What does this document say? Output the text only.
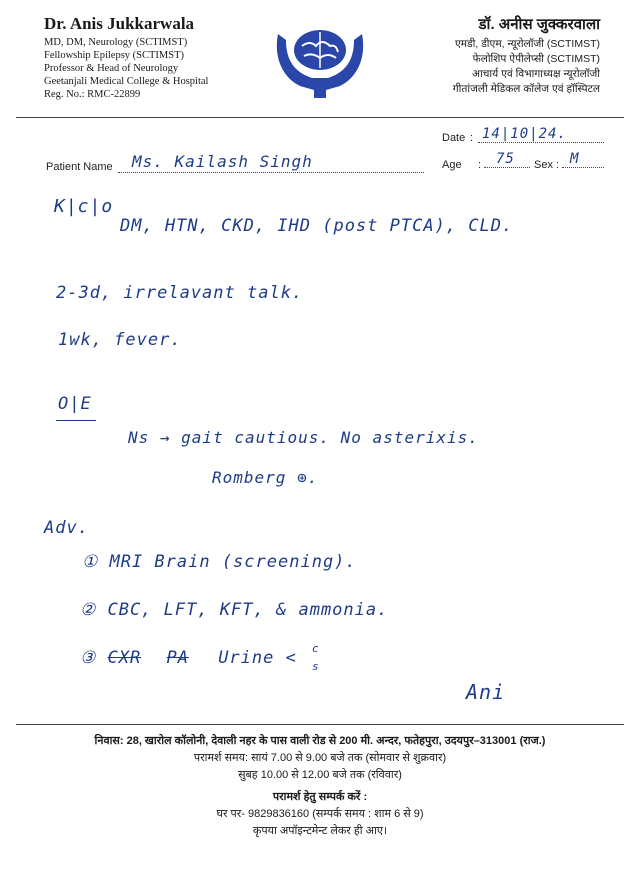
Dr. Anis Jukkarwala
MD, DM, Neurology (SCTIMST)
Fellowship Epilepsy (SCTIMST)
Professor & Head of Neurology
Geetanjali Medical College & Hospital
Reg. No.: RMC-22899
डॉ. अनीस जुक्करवाला
एमडी, डीएम, न्यूरोलॉजी (SCTIMST)
फेलोशिप ऐपीलेप्सी (SCTIMST)
आचार्य एवं विभागाध्यक्ष न्यूरोलॉजी
गीतांजली मेडिकल कॉलेज एवं हॉस्पिटल
Date : 14|10|24.
Patient Name Ms. Kailash Singh	Age : 75 Sex : M
K|c|o
DM, HTN, CKD, IHD (post PTCA), CLD.
2-3d, irrelavant talk.
1wk, fever.
O|E
Ns → gait cautious. No asterixis.
Romberg ⊕.
Adv.
① MRI Brain (screening).
② CBC, LFT, KFT, & ammonia.
③ CXR PA Urine < c
s
Ani
निवास: 28, खारोल कॉलोनी, देवाली नहर के पास वाली रोड से 200 मी. अन्दर, फतेहपुरा, उदयपुर–313001 (राज.)
परामर्श समय: सायं 7.00 से 9.00 बजे तक (सोमवार से शुक्रवार)
सुबह 10.00 से 12.00 बजे तक (रविवार)
परामर्श हेतु सम्पर्क करें :
घर पर- 9829836160 (सम्पर्क समय : शाम 6 से 9)
कृपया अपॉइन्टमेन्ट लेकर ही आए।
